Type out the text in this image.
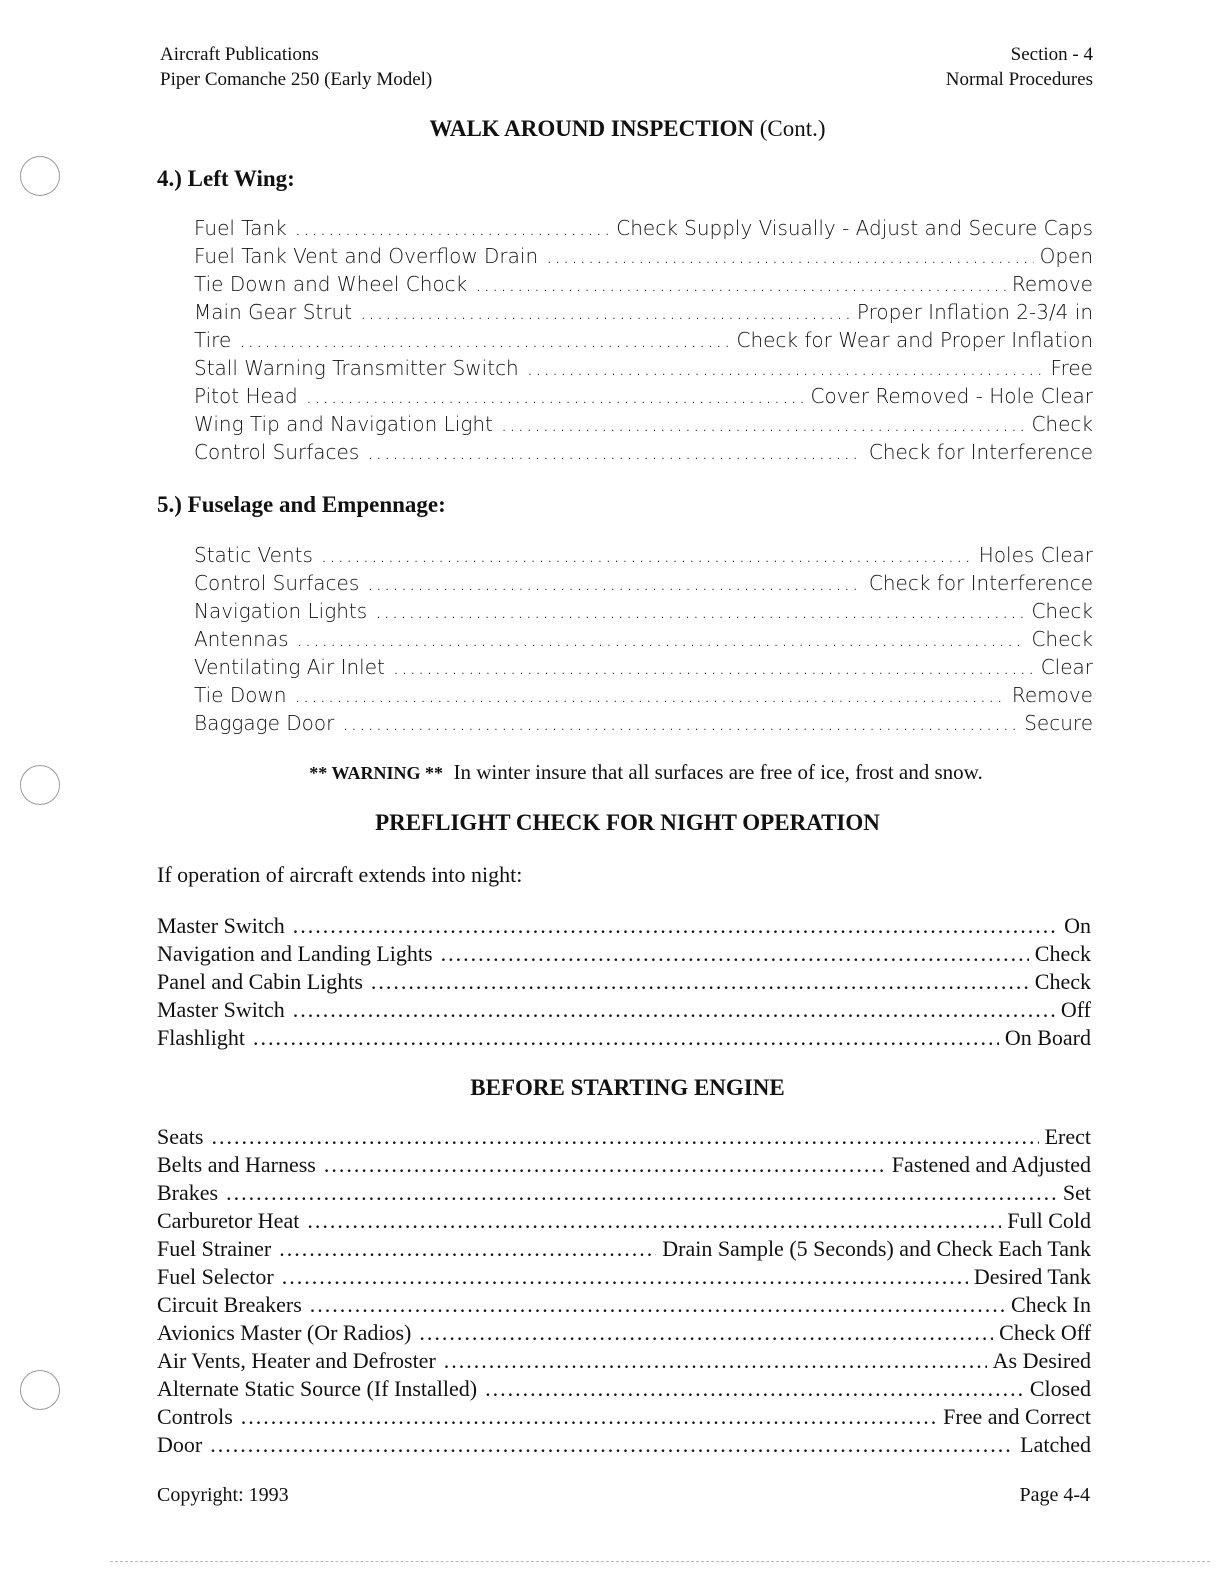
Aircraft Publications
Piper Comanche 250 (Early Model)
Section - 4
Normal Procedures
WALK AROUND INSPECTION (Cont.)
4.) Left Wing:
Fuel Tank .....	Check Supply Visually - Adjust and Secure Caps
Fuel Tank Vent and Overflow Drain .....	Open
Tie Down and Wheel Chock .....	Remove
Main Gear Strut .....	Proper Inflation 2-3/4 in
Tire .....	Check for Wear and Proper Inflation
Stall Warning Transmitter Switch .....	Free
Pitot Head .....	Cover Removed - Hole Clear
Wing Tip and Navigation Light .....	Check
Control Surfaces .....	Check for Interference
5.) Fuselage and Empennage:
Static Vents .....	Holes Clear
Control Surfaces .....	Check for Interference
Navigation Lights .....	Check
Antennas .....	Check
Ventilating Air Inlet .....	Clear
Tie Down .....	Remove
Baggage Door .....	Secure
** WARNING ** In winter insure that all surfaces are free of ice, frost and snow.
PREFLIGHT CHECK FOR NIGHT OPERATION
If operation of aircraft extends into night:
Master Switch .....	On
Navigation and Landing Lights .....	Check
Panel and Cabin Lights .....	Check
Master Switch .....	Off
Flashlight .....	On Board
BEFORE STARTING ENGINE
Seats .....	Erect
Belts and Harness .....	Fastened and Adjusted
Brakes .....	Set
Carburetor Heat .....	Full Cold
Fuel Strainer .....	Drain Sample (5 Seconds) and Check Each Tank
Fuel Selector .....	Desired Tank
Circuit Breakers .....	Check In
Avionics Master (Or Radios) .....	Check Off
Air Vents, Heater and Defroster .....	As Desired
Alternate Static Source (If Installed) .....	Closed
Controls .....	Free and Correct
Door .....	Latched
Copyright: 1993	Page 4-4
